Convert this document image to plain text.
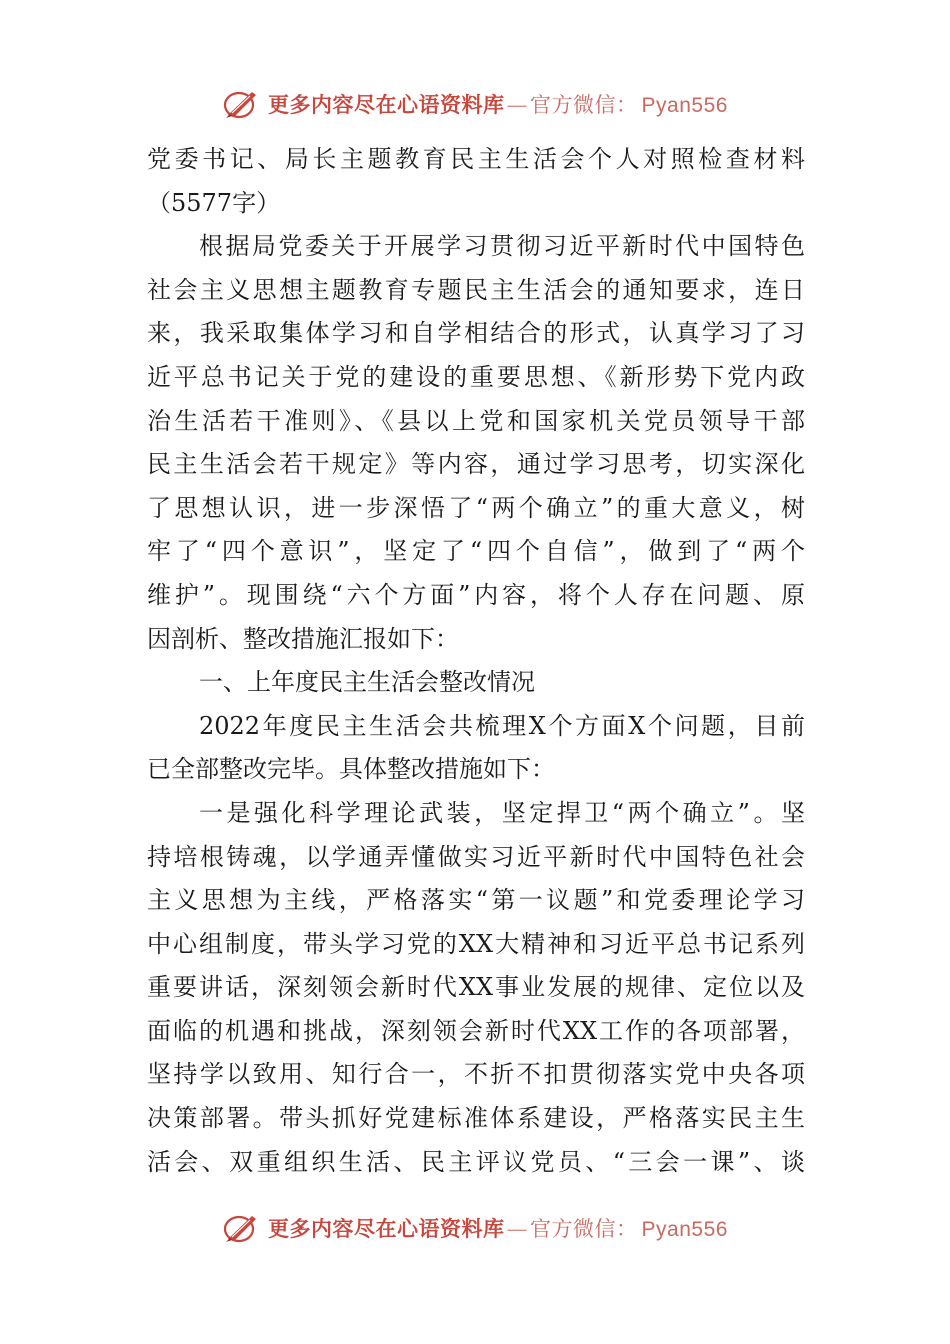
更多内容尽在心语资料库 — 官方微信： Pyan556
党委书记、局长主题教育民主生活会个人对照检查材料
（5577字）
根据局党委关于开展学习贯彻习近平新时代中国特色
社会主义思想主题教育专题民主生活会的通知要求，连日
来，我采取集体学习和自学相结合的形式，认真学习了习
近平总书记关于党的建设的重要思想、《新形势下党内政
治生活若干准则》、《县以上党和国家机关党员领导干部
民主生活会若干规定》等内容，通过学习思考，切实深化
了思想认识，进一步深悟了“两个确立”的重大意义，树
牢了“四个意识”，坚定了“四个自信”，做到了“两个
维护”。现围绕“六个方面”内容，将个人存在问题、原
因剖析、整改措施汇报如下：
一、上年度民主生活会整改情况
2022年度民主生活会共梳理X个方面X个问题，目前
已全部整改完毕。具体整改措施如下：
一是强化科学理论武装，坚定捍卫“两个确立”。坚
持培根铸魂，以学通弄懂做实习近平新时代中国特色社会
主义思想为主线，严格落实“第一议题”和党委理论学习
中心组制度，带头学习党的XX大精神和习近平总书记系列
重要讲话，深刻领会新时代XX事业发展的规律、定位以及
面临的机遇和挑战，深刻领会新时代XX工作的各项部署，
坚持学以致用、知行合一，不折不扣贯彻落实党中央各项
决策部署。带头抓好党建标准体系建设，严格落实民主生
活会、双重组织生活、民主评议党员、“三会一课”、谈
更多内容尽在心语资料库 — 官方微信： Pyan556
